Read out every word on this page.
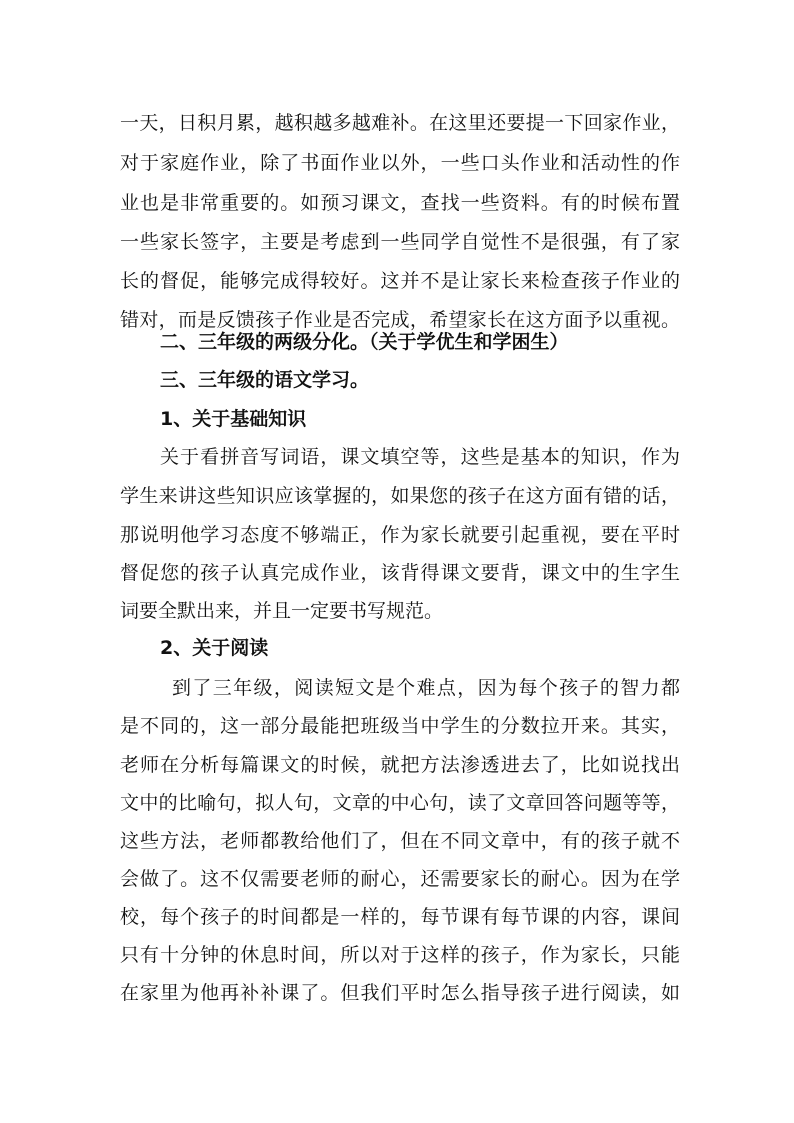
一天，日积月累，越积越多越难补。在这里还要提一下回家作业，
对于家庭作业，除了书面作业以外，一些口头作业和活动性的作
业也是非常重要的。如预习课文，查找一些资料。有的时候布置
一些家长签字，主要是考虑到一些同学自觉性不是很强，有了家
长的督促，能够完成得较好。这并不是让家长来检查孩子作业的
错对，而是反馈孩子作业是否完成，希望家长在这方面予以重视。
二、三年级的两级分化。（关于学优生和学困生）
三、三年级的语文学习。
1、关于基础知识
关于看拼音写词语，课文填空等，这些是基本的知识，作为
学生来讲这些知识应该掌握的，如果您的孩子在这方面有错的话，
那说明他学习态度不够端正，作为家长就要引起重视，要在平时
督促您的孩子认真完成作业，该背得课文要背，课文中的生字生
词要全默出来，并且一定要书写规范。
2、关于阅读
到了三年级，阅读短文是个难点，因为每个孩子的智力都
是不同的，这一部分最能把班级当中学生的分数拉开来。其实，
老师在分析每篇课文的时候，就把方法渗透进去了，比如说找出
文中的比喻句，拟人句，文章的中心句，读了文章回答问题等等，
这些方法，老师都教给他们了，但在不同文章中，有的孩子就不
会做了。这不仅需要老师的耐心，还需要家长的耐心。因为在学
校，每个孩子的时间都是一样的，每节课有每节课的内容，课间
只有十分钟的休息时间，所以对于这样的孩子，作为家长，只能
在家里为他再补补课了。但我们平时怎么指导孩子进行阅读，如
